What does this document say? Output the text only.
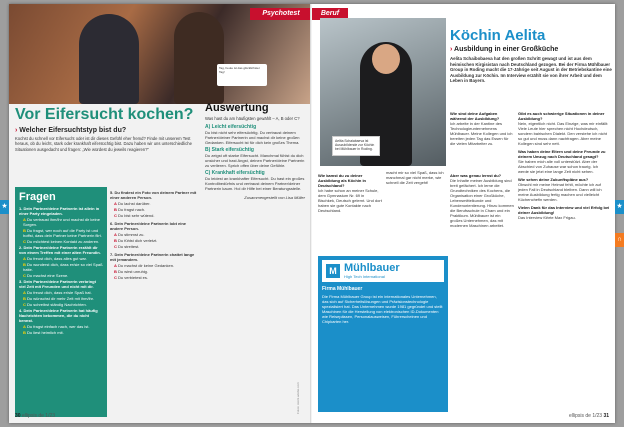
Tag, heute ist das glücklichster Tag!
Psychotest
Vor Eifersucht kochen?
› Welcher Eifersuchtstyp bist du?

Kochst du schnell vor Eifersucht oder ist dir dieses Gefühl eher fremd? Finde mit unserem Test heraus, ob du leicht, stark oder krankhaft eifersüchtig bist. Dazu haben wir uns unterschiedliche Situationen ausgedacht und fragen: „Wie würdest du jeweils reagieren?“

Fragen
1. Dein Partner/deine Partnerin ist allein in einer Party eingeladen.
A Du vertraust ihm/ihr und machst dir keine Sorgen.
B Du fragst, wer noch auf die Party ist und hoffst, dass dein Partner keine Partnerin flirt.
C Du möchtest keinen Kontakt zu anderen.
2. Dein Partner/deine Partnerin erzählt dir von einem Treffen mit einer alten Freundin.
A Du freust dich, dass alles gut war.
B Du wunderst dich, dass er/sie so viel Spaß hatte.
C Du machst eine Szene.
3. Dein Partner/deine Partnerin verbringt viel Zeit mit Freunden und nicht mit dir.
A Du freust dich, dass er/sie Spaß hat.
B Du wünschst dir mehr Zeit mit ihm/ihr.
C Du schreibst ständig Nachrichten.
4. Dein Partner/deine Partnerin hat häufig Nachrichten bekommen, die du nicht kennst.
A Du fragst einfach nach, wer das ist.
B Du liest heimlich mit.
5. Du findest ein Foto von deinem Partner mit einer anderen Person.
A Du lachst darüber.
B Du fragst nach.
C Du bist sehr wütend.
6. Dein Partner/deine Partnerin lobt eine andere Person.
A Du stimmst zu.
B Du fühlst dich verletzt.
C Du streitest.
7. Dein Partner/deine Partnerin chattet lange mit jemandem.
A Du machst dir keine Gedanken.
B Du wirst unruhig.
C Du verbietest es.
Auswertung
Was hast du am häufigsten gewählt – A, B oder C?
A) Leicht eifersüchtig
Du bist nicht sehr eifersüchtig. Du vertraust deinem Partner/deiner Partnerin und machst dir keine großen Gedanken. Eifersucht ist für dich kein großes Thema.
B) Stark eifersüchtig
Du zeigst oft starke Eifersucht. Manchmal fühlst du dich unsicher und hast Angst, deinen Partner/deine Partnerin zu verlieren. Sprich offen über deine Gefühle.
C) Krankhaft eifersüchtig
Du leidest an krankhafter Eifersucht. Du hast ein großes Kontrollbedürfnis und vertraust deinem Partner/deiner Partnerin kaum. Hol dir Hilfe bei einer Beratungsstelle.
Zusammengestellt von Lisa Müller
Fotos: stock.adobe.com
30 ellipsis de 1/23
Beruf
Aelita Schaiabaeva ist Auszubildende zur Köchin bei Mühlbauer in Roding.
Köchin Aelita
› Ausbildung in einer Großküche
Aelita Schaibobaeva hat den großen Schritt gewagt und ist aus dem heimischen Kirgisistan nach Deutschland gezogen. Bei der Firma Mühlbauer Group in Roding macht die 17-Jährige seit August in der Betriebskantine eine Ausbildung zur Köchin. Im Interview erzählt sie von ihrer Arbeit und dem Leben in Bayern.
Wie sind deine Aufgaben während der Ausbildung?
Ich arbeite in der Kantine des Technologieunternehmens Mühlbauer. Meine Kollegen und ich bereiten jeden Tag das Essen für die vielen Mitarbeiter zu.
Gibt es auch schwierige Situationen in deiner Ausbildung?
Nein, eigentlich nicht. Das Einzige, was mir einfällt: Viele Leute hier sprechen nicht Hochdeutsch, sondern bairischen Dialekt. Den verstehe ich nicht so gut und muss dann nachfragen. Aber meine Kollegen sind sehr nett.
Was haben deine Eltern und deine Freunde zu deinem Umzug nach Deutschland gesagt?
Sie haben mich alle voll unterstützt. Aber der Abschied von Zuhause war schon traurig. Ich werde sie jetzt eine lange Zeit nicht sehen.
Wie sehen deine Zukunftspläne aus?
Obwohl mir meine Heimat fehlt, möchte ich auf jeden Fall in Deutschland bleiben. Dann will ich meine Ausbildung fertig machen und vielleicht Küchenchefin werden.
Vielen Dank für das Interview und viel Erfolg bei deiner Ausbildung!
Das Interview führte Max Frigau.
Wie kamst du zu deiner Ausbildung als Köchin in Deutschland?
Ich habe schon an meiner Schule, dem Gymnasium Nr. 69 in Bischkek, Deutsch gelernt. Und dort haben sie gute Kontakte nach Deutschland.
macht mir so viel Spaß, dass ich manchmal gar nicht merke, wie schnell die Zeit vergeht!
Aber was genau lernst du?
Die Inhalte meiner Ausbildung sind breit gefächert. Ich lerne die Grundtechniken des Kochens, die Organisation einer Großküche, Lebensmittelkunde und Kundenorientierung. Hinzu kommen die Berufsschule in Cham und ein Praktikum. Mühlbauer ist ein großes Unternehmen, das mit modernen Maschinen arbeitet.
M Mühlbauer
High Tech International
Firma Mühlbauer

Die Firma Mühlbauer Group ist ein internationales Unternehmen, das sich auf Sicherheitslösungen und Präzisionstechnologie spezialisiert hat. Das Unternehmen wurde 1981 gegründet und stellt Maschinen für die Herstellung von elektronischen ID-Dokumenten wie Reisepässen, Personalausweisen, Führerscheinen und Chipkarten her.

ellipsis de 1/23 31
★	★
∩
